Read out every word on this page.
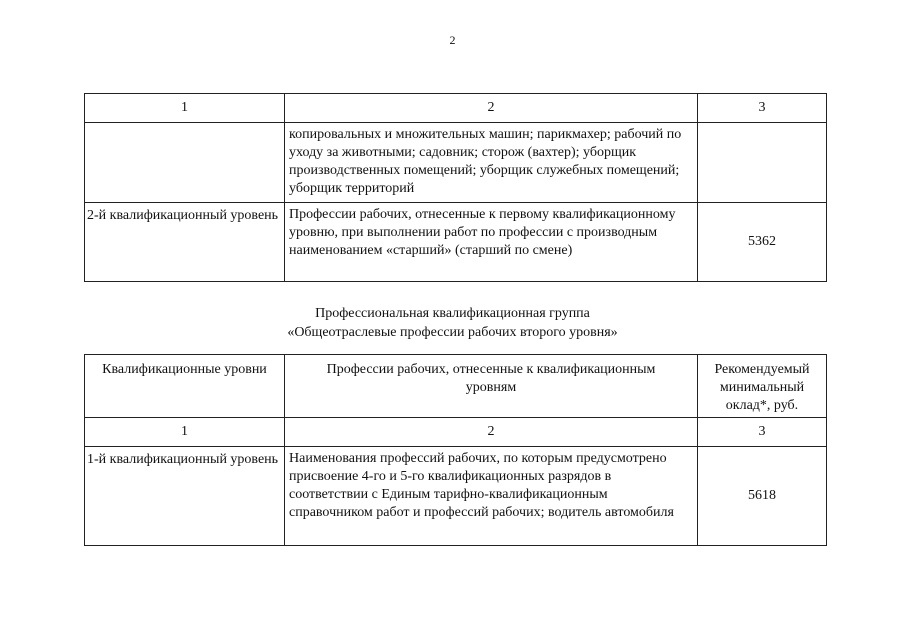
2
1	2	3
	копировальных и множительных машин; парикмахер; рабочий по уходу за животными; садовник; сторож (вахтер); уборщик производственных помещений; уборщик служебных помещений; уборщик территорий	
2-й квалификационный уровень	Профессии рабочих, отнесенные к первому квалификационному уровню, при выполнении работ по профессии с производным наименованием «старший» (старший по смене)	5362
Профессиональная квалификационная группа
«Общеотраслевые профессии рабочих второго уровня»
Квалификационные уровни	Профессии рабочих, отнесенные к квалификационным уровням	Рекомендуемый минимальный оклад*, руб.
1	2	3
1-й квалификационный уровень	Наименования профессий рабочих, по которым предусмотрено присвоение 4-го и 5-го квалификационных разрядов в соответствии с Единым тарифно-квалификационным справочником работ и профессий рабочих; водитель автомобиля	5618
